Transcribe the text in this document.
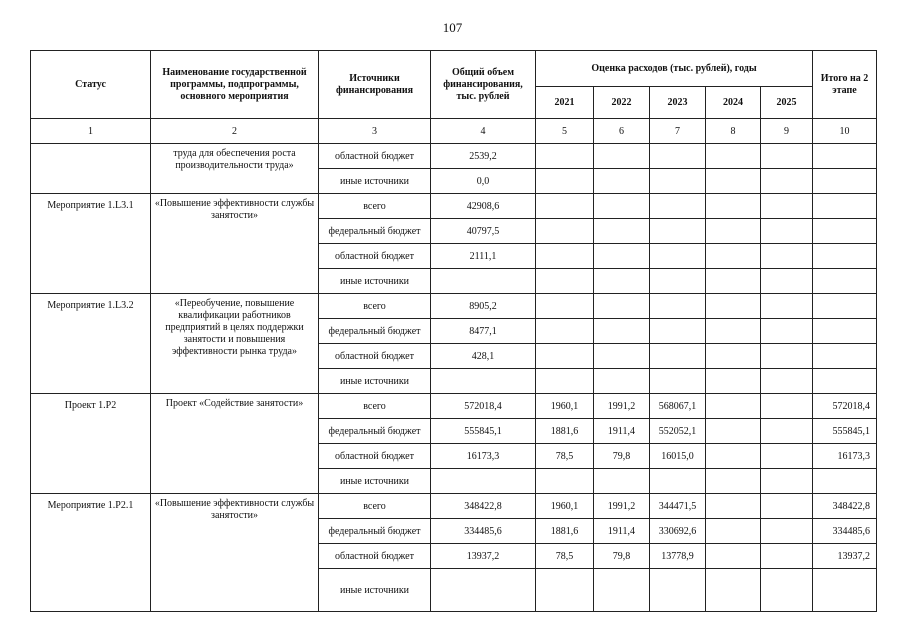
107
Статус	Наименование государственной программы, подпрограммы, основного мероприятия	Источники финансирования	Общий объем финансирования, тыс. рублей	Оценка расходов (тыс. рублей), годы					Итого на 2 этапе
				2021	2022	2023	2024	2025	
1	2	3	4	5	6	7	8	9	10
	труда для обеспечения роста производительности труда»	областной бюджет	2539,2						
		иные источники	0,0						
Мероприятие 1.L3.1	«Повышение эффективности службы занятости»	всего	42908,6						
		федеральный бюджет	40797,5						
		областной бюджет	2111,1						
		иные источники							
Мероприятие 1.L3.2	«Переобучение, повышение квалификации работников предприятий в целях поддержки занятости и повышения эффективности рынка труда»	всего	8905,2						
		федеральный бюджет	8477,1						
		областной бюджет	428,1						
		иные источники							
Проект 1.Р2	Проект «Содействие занятости»	всего	572018,4	1960,1	1991,2	568067,1			572018,4
		федеральный бюджет	555845,1	1881,6	1911,4	552052,1			555845,1
		областной бюджет	16173,3	78,5	79,8	16015,0			16173,3
		иные источники							
Мероприятие 1.Р2.1	«Повышение эффективности службы занятости»	всего	348422,8	1960,1	1991,2	344471,5			348422,8
		федеральный бюджет	334485,6	1881,6	1911,4	330692,6			334485,6
		областной бюджет	13937,2	78,5	79,8	13778,9			13937,2
		иные источники							
